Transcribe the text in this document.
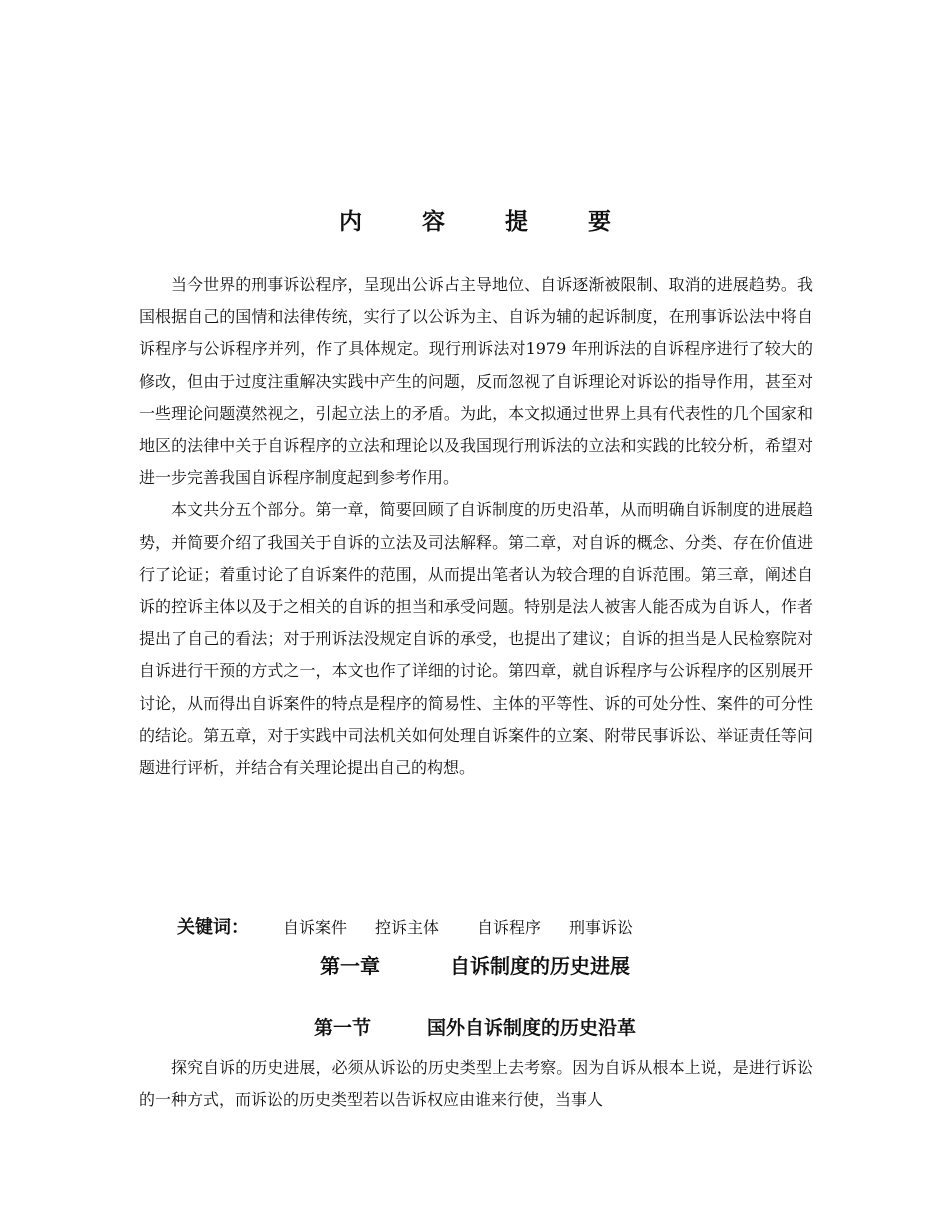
内 容 提 要

当今世界的刑事诉讼程序，呈现出公诉占主导地位、自诉逐渐被限制、取消的进展趋势。我国根据自己的国情和法律传统，实行了以公诉为主、自诉为辅的起诉制度，在刑事诉讼法中将自诉程序与公诉程序并列，作了具体规定。现行刑诉法对1979 年刑诉法的自诉程序进行了较大的修改，但由于过度注重解决实践中产生的问题，反而忽视了自诉理论对诉讼的指导作用，甚至对一些理论问题漠然视之，引起立法上的矛盾。为此，本文拟通过世界上具有代表性的几个国家和地区的法律中关于自诉程序的立法和理论以及我国现行刑诉法的立法和实践的比较分析，希望对进一步完善我国自诉程序制度起到参考作用。

本文共分五个部分。第一章，简要回顾了自诉制度的历史沿革，从而明确自诉制度的进展趋势，并简要介绍了我国关于自诉的立法及司法解释。第二章，对自诉的概念、分类、存在价值进行了论证；着重讨论了自诉案件的范围，从而提出笔者认为较合理的自诉范围。第三章，阐述自诉的控诉主体以及于之相关的自诉的担当和承受问题。特别是法人被害人能否成为自诉人，作者提出了自己的看法；对于刑诉法没规定自诉的承受，也提出了建议；自诉的担当是人民检察院对自诉进行干预的方式之一，本文也作了详细的讨论。第四章，就自诉程序与公诉程序的区别展开讨论，从而得出自诉案件的特点是程序的简易性、主体的平等性、诉的可处分性、案件的可分性的结论。第五章，对于实践中司法机关如何处理自诉案件的立案、附带民事诉讼、举证责任等问题进行评析，并结合有关理论提出自己的构想。

关键词： 自诉案件 控诉主体 自诉程序 刑事诉讼
第一章	自诉制度的历史进展
第一节	国外自诉制度的历史沿革

探究自诉的历史进展，必须从诉讼的历史类型上去考察。因为自诉从根本上说，是进行诉讼的一种方式，而诉讼的历史类型若以告诉权应由谁来行使，当事人
